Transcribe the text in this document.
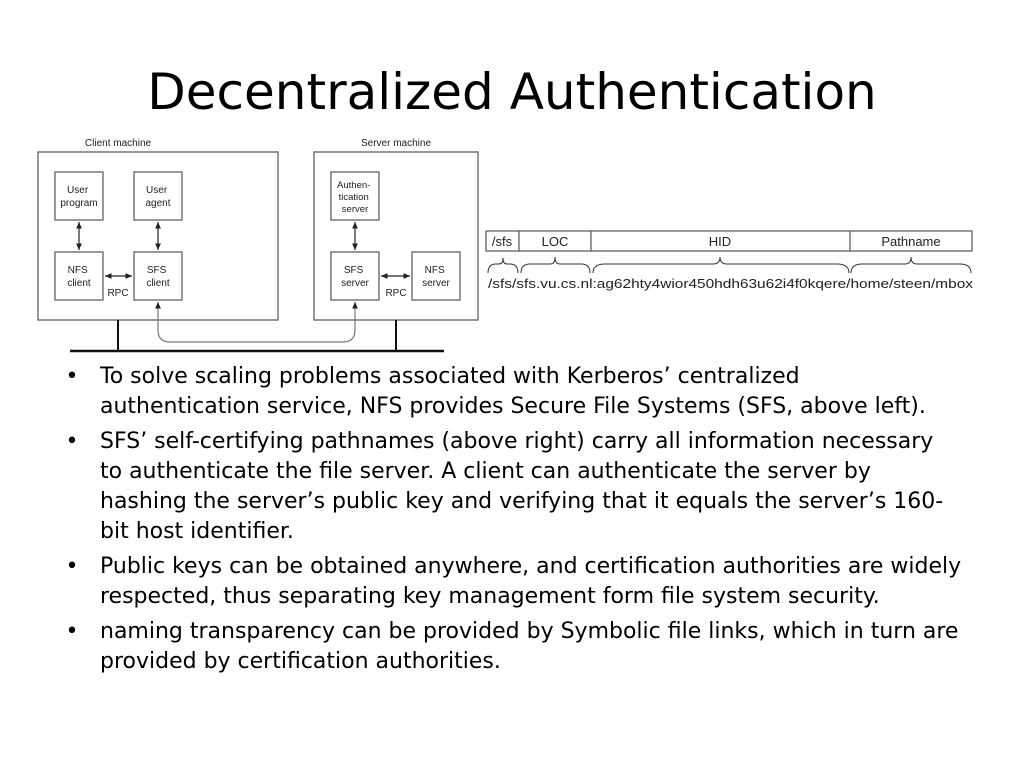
Decentralized Authentication
Client machine	Server machine
User program
User agent
NFS client
SFS client
Authen- tication server
SFS server
NFS server
RPC	RPC
/sfs LOC	HID	Pathname
/sfs/sfs.vu.cs.nl:ag62hty4wior450hdh63u62i4f0kqere/home/steen/mbox
• To solve scaling problems associated with Kerberos’ centralized authentication service, NFS provides Secure File Systems (SFS, above left).
• SFS’ self-certifying pathnames (above right) carry all information necessary to authenticate the file server. A client can authenticate the server by hashing the server’s public key and verifying that it equals the server’s 160-bit host identifier.
• Public keys can be obtained anywhere, and certification authorities are widely respected, thus separating key management form file system security.
• naming transparency can be provided by Symbolic file links, which in turn are provided by certification authorities.
